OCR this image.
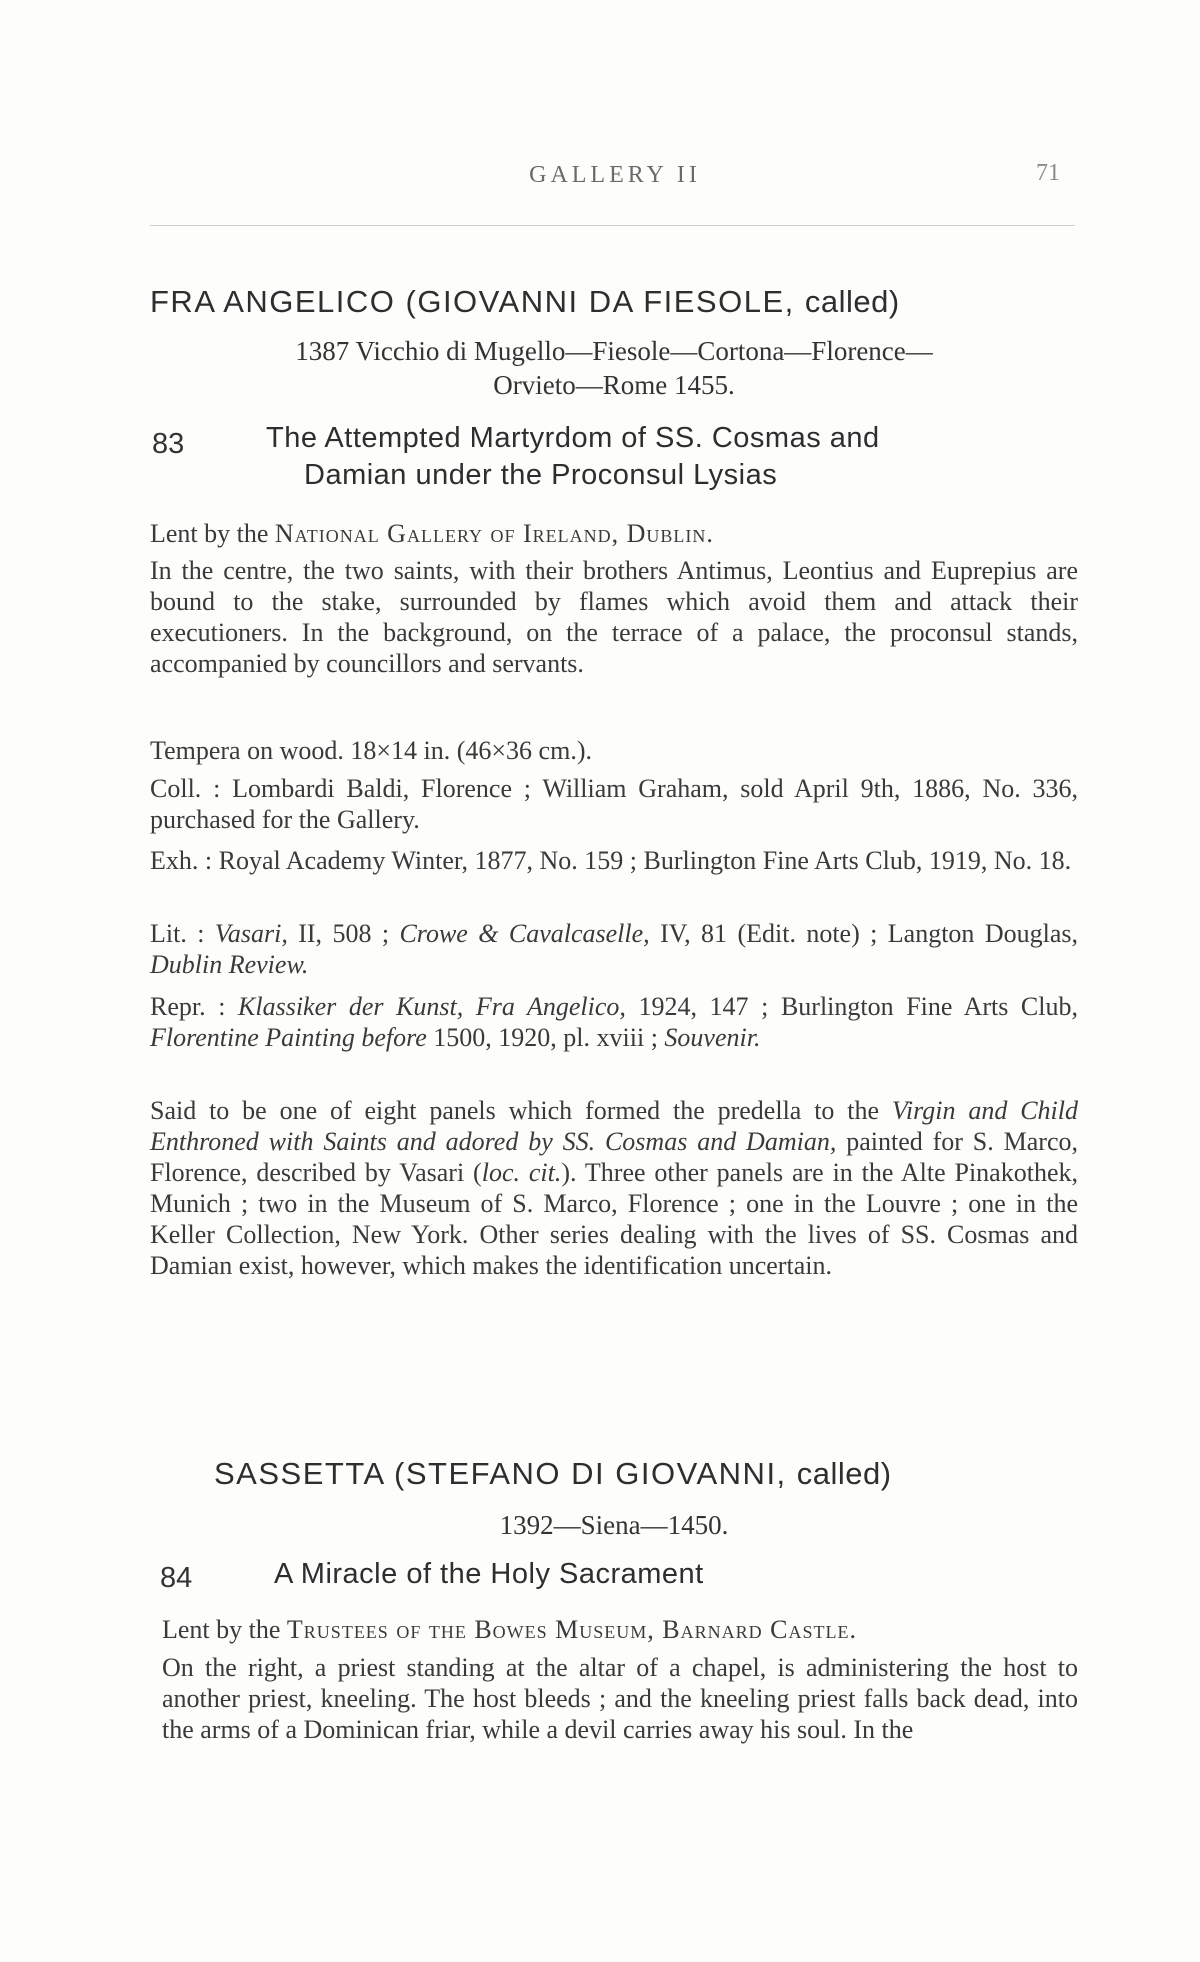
GALLERY II	71
FRA ANGELICO (GIOVANNI DA FIESOLE, called)
1387 Vicchio di Mugello—Fiesole—Cortona—Florence—
Orvieto—Rome 1455.
83	The Attempted Martyrdom of SS. Cosmas and
Damian under the Proconsul Lysias
Lent by the National Gallery of Ireland, Dublin.
In the centre, the two saints, with their brothers Antimus, Leontius and Euprepius are bound to the stake, surrounded by flames which avoid them and attack their executioners. In the background, on the terrace of a palace, the proconsul stands, accompanied by councillors and servants.
Tempera on wood. 18×14 in. (46×36 cm.).
Coll. : Lombardi Baldi, Florence ; William Graham, sold April 9th, 1886, No. 336, purchased for the Gallery.
Exh. : Royal Academy Winter, 1877, No. 159 ; Burlington Fine Arts Club, 1919, No. 18.
Lit. : Vasari, II, 508 ; Crowe & Cavalcaselle, IV, 81 (Edit. note) ; Langton Douglas, Dublin Review.
Repr. : Klassiker der Kunst, Fra Angelico, 1924, 147 ; Burlington Fine Arts Club, Florentine Painting before 1500, 1920, pl. xviii ; Souvenir.
Said to be one of eight panels which formed the predella to the Virgin and Child Enthroned with Saints and adored by SS. Cosmas and Damian, painted for S. Marco, Florence, described by Vasari (loc. cit.). Three other panels are in the Alte Pinakothek, Munich ; two in the Museum of S. Marco, Florence ; one in the Louvre ; one in the Keller Collection, New York. Other series dealing with the lives of SS. Cosmas and Damian exist, however, which makes the identification uncertain.
SASSETTA (STEFANO DI GIOVANNI, called)
1392—Siena—1450.
84	A Miracle of the Holy Sacrament
Lent by the Trustees of the Bowes Museum, Barnard Castle.
On the right, a priest standing at the altar of a chapel, is administering the host to another priest, kneeling. The host bleeds ; and the kneeling priest falls back dead, into the arms of a Dominican friar, while a devil carries away his soul. In the
